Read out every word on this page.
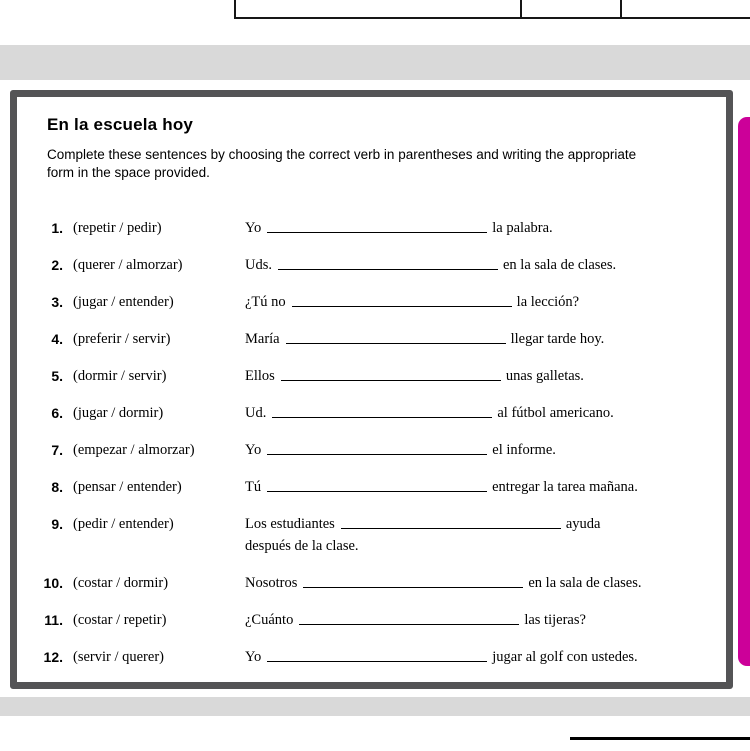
En la escuela hoy

Complete these sentences by choosing the correct verb in parentheses and writing the appropriate form in the space provided.

1. (repetir / pedir)	Yo	la palabra.
2. (querer / almorzar)	Uds.	en la sala de clases.
3. (jugar / entender)	¿Tú no	la lección?
4. (preferir / servir)	María	llegar tarde hoy.
5. (dormir / servir)	Ellos	unas galletas.
6. (jugar / dormir)	Ud.	al fútbol americano.
7. (empezar / almorzar)	Yo	el informe.
8. (pensar / entender)	Tú	entregar la tarea mañana.
9. (pedir / entender)	Los estudiantes	ayuda
después de la clase.
10. (costar / dormir)	Nosotros	en la sala de clases.
11. (costar / repetir)	¿Cuánto	las tijeras?
12. (servir / querer)	Yo	jugar al golf con ustedes.
